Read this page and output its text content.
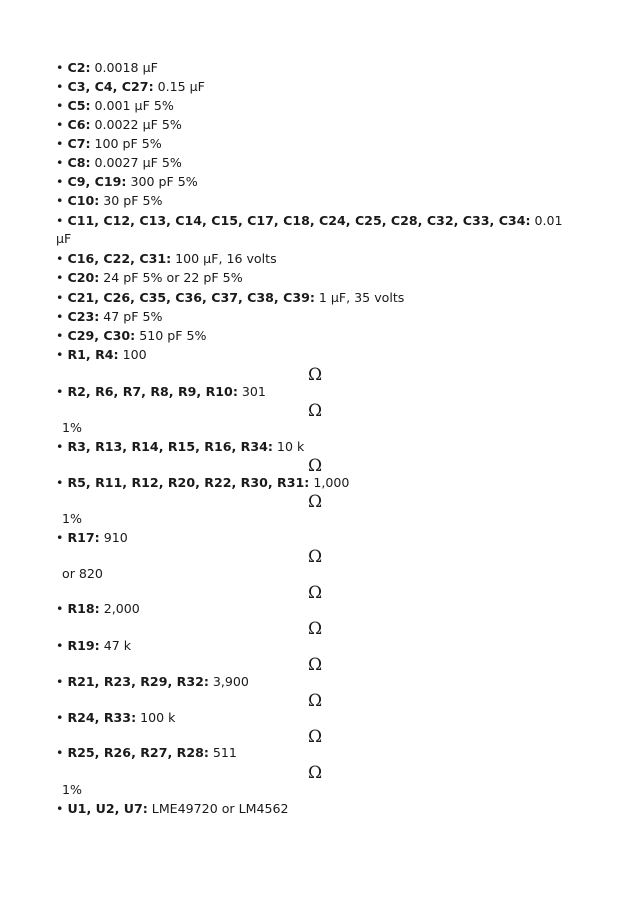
• C2: 0.0018 µF
• C3, C4, C27: 0.15 µF
• C5: 0.001 µF 5%
• C6: 0.0022 µF 5%
• C7: 100 pF 5%
• C8: 0.0027 µF 5%
• C9, C19: 300 pF 5%
• C10: 30 pF 5%
• C11, C12, C13, C14, C15, C17, C18, C24, C25, C28, C32, C33, C34: 0.01
µF
• C16, C22, C31: 100 µF, 16 volts
• C20: 24 pF 5% or 22 pF 5%
• C21, C26, C35, C36, C37, C38, C39: 1 µF, 35 volts
• C23: 47 pF 5%
• C29, C30: 510 pF 5%
• R1, R4: 100
Ω
• R2, R6, R7, R8, R9, R10: 301
Ω
1%
• R3, R13, R14, R15, R16, R34: 10 k
Ω
• R5, R11, R12, R20, R22, R30, R31: 1,000
Ω
1%
• R17: 910
Ω
or 820
Ω
• R18: 2,000
Ω
• R19: 47 k
Ω
• R21, R23, R29, R32: 3,900
Ω
• R24, R33: 100 k
Ω
• R25, R26, R27, R28: 511
Ω
1%
• U1, U2, U7: LME49720 or LM4562
